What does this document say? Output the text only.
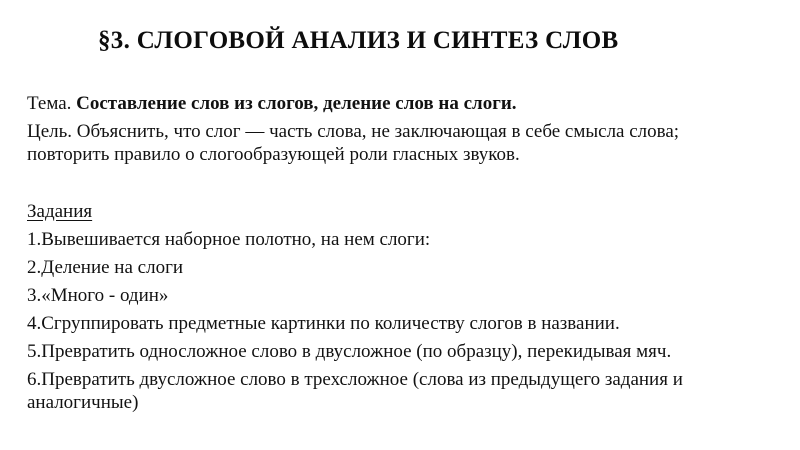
§3. СЛОГОВОЙ АНАЛИЗ И СИНТЕЗ СЛОВ

Тема. Составление слов из слогов, деление слов на слоги.

Цель. Объяснить, что слог — часть слова, не заключающая в себе смысла слова; повторить правило о слогообразующей роли гласных звуков.

Задания

1.Вывешивается наборное полотно, на нем слоги:

2.Деление на слоги

3.«Много - один»

4.Сгруппировать предметные картинки по количеству слогов в названии.

5.Превратить односложное слово в двусложное (по образцу), перекидывая мяч.

6.Превратить двусложное слово в трехсложное (слова из предыдущего задания и аналогичные)
